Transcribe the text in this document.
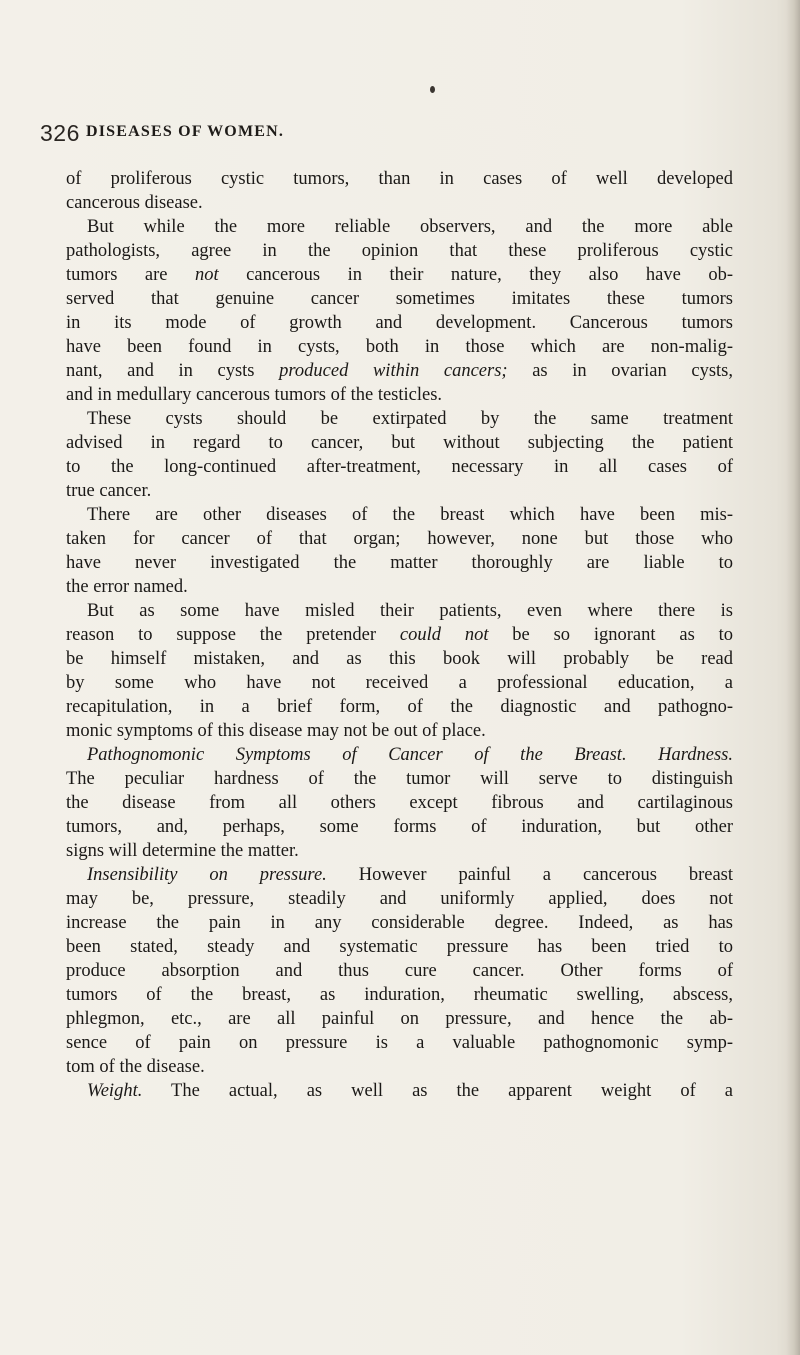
326 DISEASES OF WOMEN.
of proliferous cystic tumors, than in cases of well developed
cancerous disease.
But while the more reliable observers, and the more able
pathologists, agree in the opinion that these proliferous cystic
tumors are not cancerous in their nature, they also have ob-
served that genuine cancer sometimes imitates these tumors
in its mode of growth and development. Cancerous tumors
have been found in cysts, both in those which are non-malig-
nant, and in cysts produced within cancers; as in ovarian cysts,
and in medullary cancerous tumors of the testicles.
These cysts should be extirpated by the same treatment
advised in regard to cancer, but without subjecting the patient
to the long-continued after-treatment, necessary in all cases of
true cancer.
There are other diseases of the breast which have been mis-
taken for cancer of that organ; however, none but those who
have never investigated the matter thoroughly are liable to
the error named.
But as some have misled their patients, even where there is
reason to suppose the pretender could not be so ignorant as to
be himself mistaken, and as this book will probably be read
by some who have not received a professional education, a
recapitulation, in a brief form, of the diagnostic and pathogno-
monic symptoms of this disease may not be out of place.
Pathognomonic Symptoms of Cancer of the Breast. Hardness.
The peculiar hardness of the tumor will serve to distinguish
the disease from all others except fibrous and cartilaginous
tumors, and, perhaps, some forms of induration, but other
signs will determine the matter.
Insensibility on pressure. However painful a cancerous breast
may be, pressure, steadily and uniformly applied, does not
increase the pain in any considerable degree. Indeed, as has
been stated, steady and systematic pressure has been tried to
produce absorption and thus cure cancer. Other forms of
tumors of the breast, as induration, rheumatic swelling, abscess,
phlegmon, etc., are all painful on pressure, and hence the ab-
sence of pain on pressure is a valuable pathognomonic symp-
tom of the disease.
Weight. The actual, as well as the apparent weight of a
